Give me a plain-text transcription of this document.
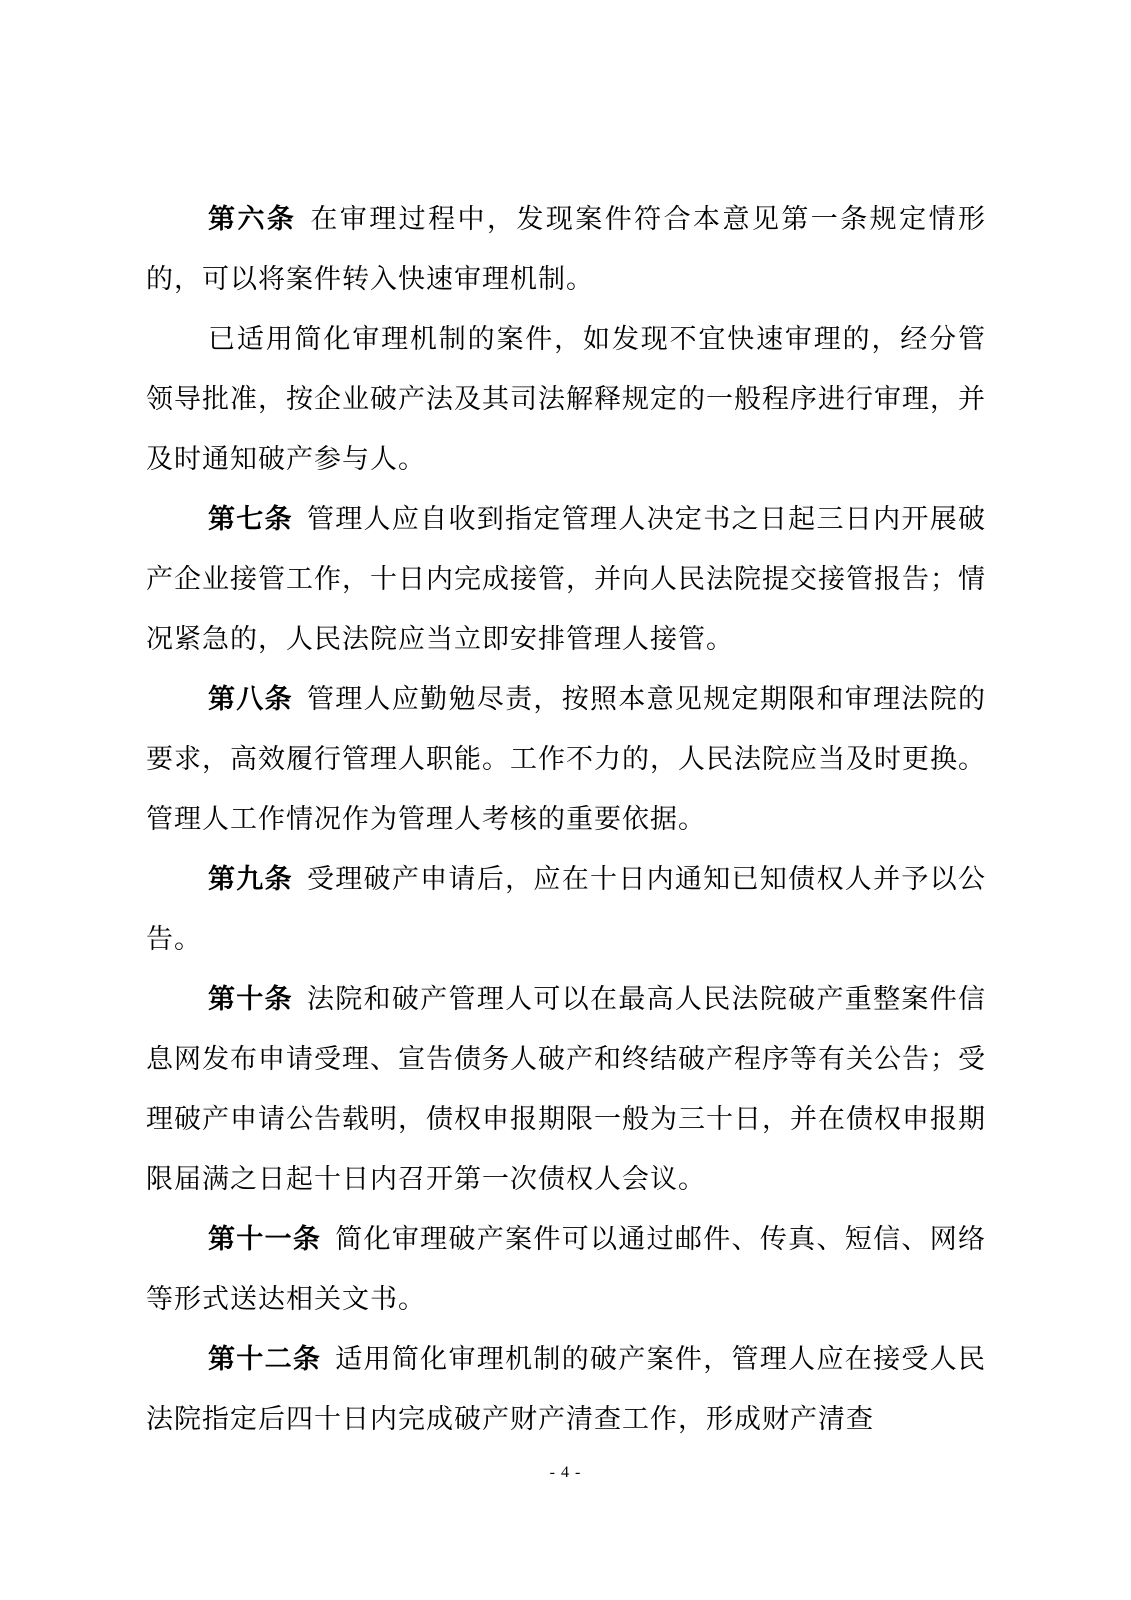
第六条 在审理过程中，发现案件符合本意见第一条规定情形的，可以将案件转入快速审理机制。

已适用简化审理机制的案件，如发现不宜快速审理的，经分管领导批准，按企业破产法及其司法解释规定的一般程序进行审理，并及时通知破产参与人。

第七条 管理人应自收到指定管理人决定书之日起三日内开展破产企业接管工作，十日内完成接管，并向人民法院提交接管报告；情况紧急的，人民法院应当立即安排管理人接管。

第八条 管理人应勤勉尽责，按照本意见规定期限和审理法院的要求，高效履行管理人职能。工作不力的，人民法院应当及时更换。管理人工作情况作为管理人考核的重要依据。

第九条 受理破产申请后，应在十日内通知已知债权人并予以公告。

第十条 法院和破产管理人可以在最高人民法院破产重整案件信息网发布申请受理、宣告债务人破产和终结破产程序等有关公告；受理破产申请公告载明，债权申报期限一般为三十日，并在债权申报期限届满之日起十日内召开第一次债权人会议。

第十一条 简化审理破产案件可以通过邮件、传真、短信、网络等形式送达相关文书。

第十二条 适用简化审理机制的破产案件，管理人应在接受人民法院指定后四十日内完成破产财产清查工作，形成财产清查

- 4 -
